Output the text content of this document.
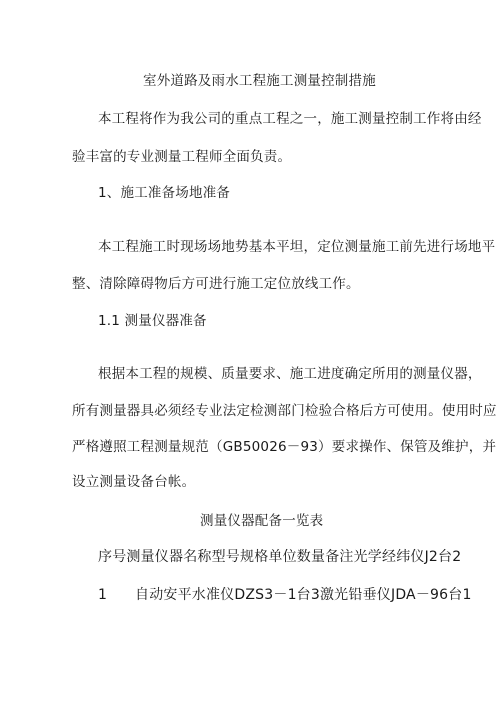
室外道路及雨水工程施工测量控制措施
本工程将作为我公司的重点工程之一，施工测量控制工作将由经
验丰富的专业测量工程师全面负责。
1、施工准备场地准备
本工程施工时现场场地势基本平坦，定位测量施工前先进行场地平
整、清除障碍物后方可进行施工定位放线工作。
1.1 测量仪器准备
根据本工程的规模、质量要求、施工进度确定所用的测量仪器，
所有测量器具必须经专业法定检测部门检验合格后方可使用。使用时应
严格遵照工程测量规范（GB50026－93）要求操作、保管及维护，并
设立测量设备台帐。
测量仪器配备一览表
序号测量仪器名称型号规格单位数量备注光学经纬仪J2台2
1      自动安平水准仪DZS3－1台3激光铅垂仪JDA－96台1
